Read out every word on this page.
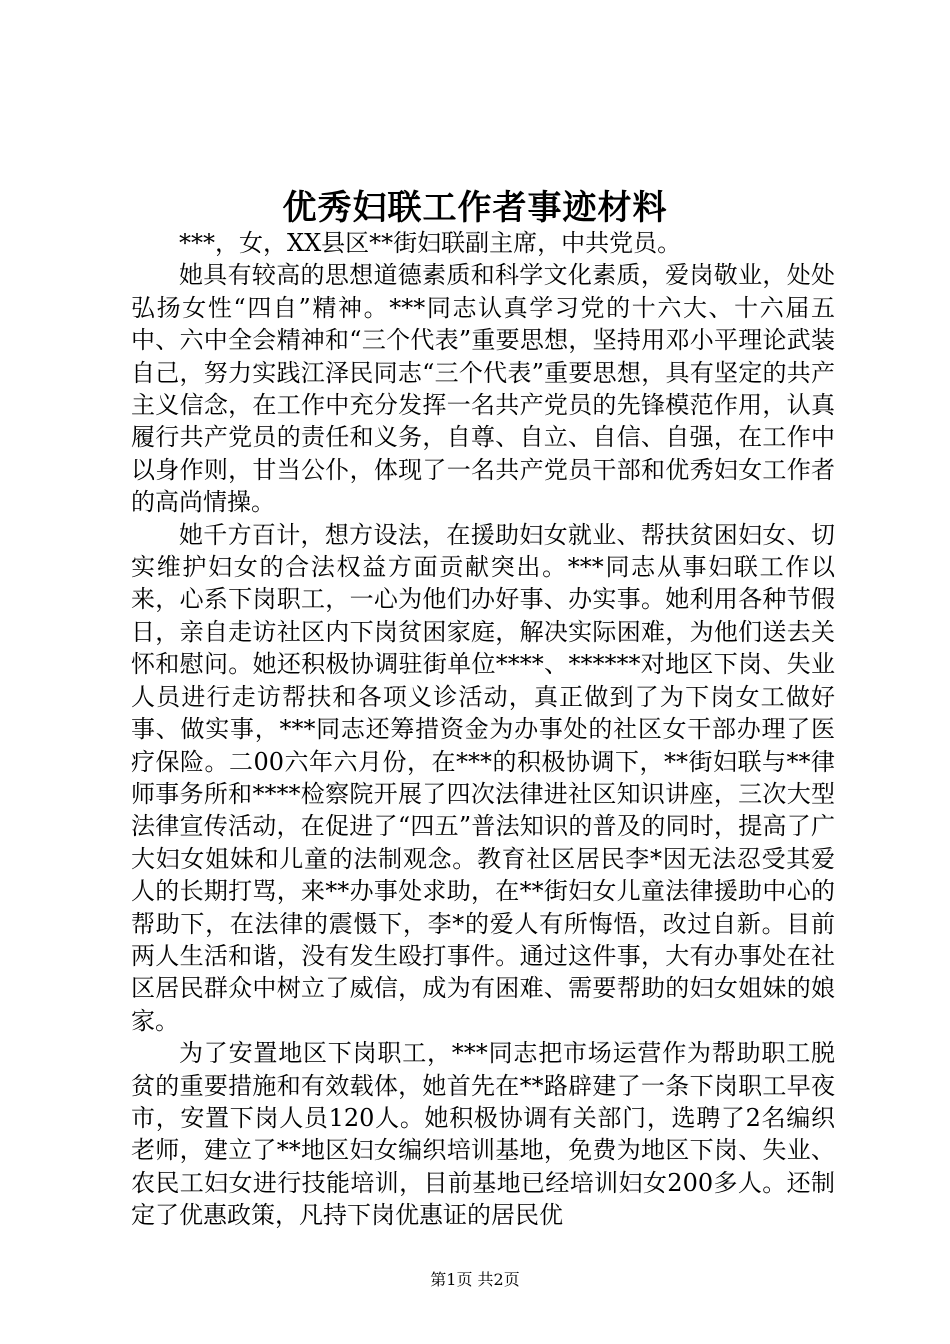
优秀妇联工作者事迹材料

***，女，XX县区**街妇联副主席，中共党员。

她具有较高的思想道德素质和科学文化素质，爱岗敬业，处处弘扬女性“四自”精神。***同志认真学习党的十六大、十六届五中、六中全会精神和“三个代表”重要思想，坚持用邓小平理论武装自己，努力实践江泽民同志“三个代表”重要思想，具有坚定的共产主义信念，在工作中充分发挥一名共产党员的先锋模范作用，认真履行共产党员的责任和义务，自尊、自立、自信、自强，在工作中以身作则，甘当公仆，体现了一名共产党员干部和优秀妇女工作者的高尚情操。

她千方百计，想方设法，在援助妇女就业、帮扶贫困妇女、切实维护妇女的合法权益方面贡献突出。***同志从事妇联工作以来，心系下岗职工，一心为他们办好事、办实事。她利用各种节假日，亲自走访社区内下岗贫困家庭，解决实际困难，为他们送去关怀和慰问。她还积极协调驻街单位****、******对地区下岗、失业人员进行走访帮扶和各项义诊活动，真正做到了为下岗女工做好事、做实事，***同志还筹措资金为办事处的社区女干部办理了医疗保险。二00六年六月份，在***的积极协调下，**街妇联与**律师事务所和****检察院开展了四次法律进社区知识讲座，三次大型法律宣传活动，在促进了“四五”普法知识的普及的同时，提高了广大妇女姐妹和儿童的法制观念。教育社区居民李*因无法忍受其爱人的长期打骂，来**办事处求助，在**街妇女儿童法律援助中心的帮助下，在法律的震慑下，李*的爱人有所悔悟，改过自新。目前两人生活和谐，没有发生殴打事件。通过这件事，大有办事处在社区居民群众中树立了威信，成为有困难、需要帮助的妇女姐妹的娘家。

为了安置地区下岗职工，***同志把市场运营作为帮助职工脱贫的重要措施和有效载体，她首先在**路辟建了一条下岗职工早夜市，安置下岗人员120人。她积极协调有关部门，选聘了2名编织老师，建立了**地区妇女编织培训基地，免费为地区下岗、失业、农民工妇女进行技能培训，目前基地已经培训妇女200多人。还制定了优惠政策，凡持下岗优惠证的居民优

第1页 共2页
